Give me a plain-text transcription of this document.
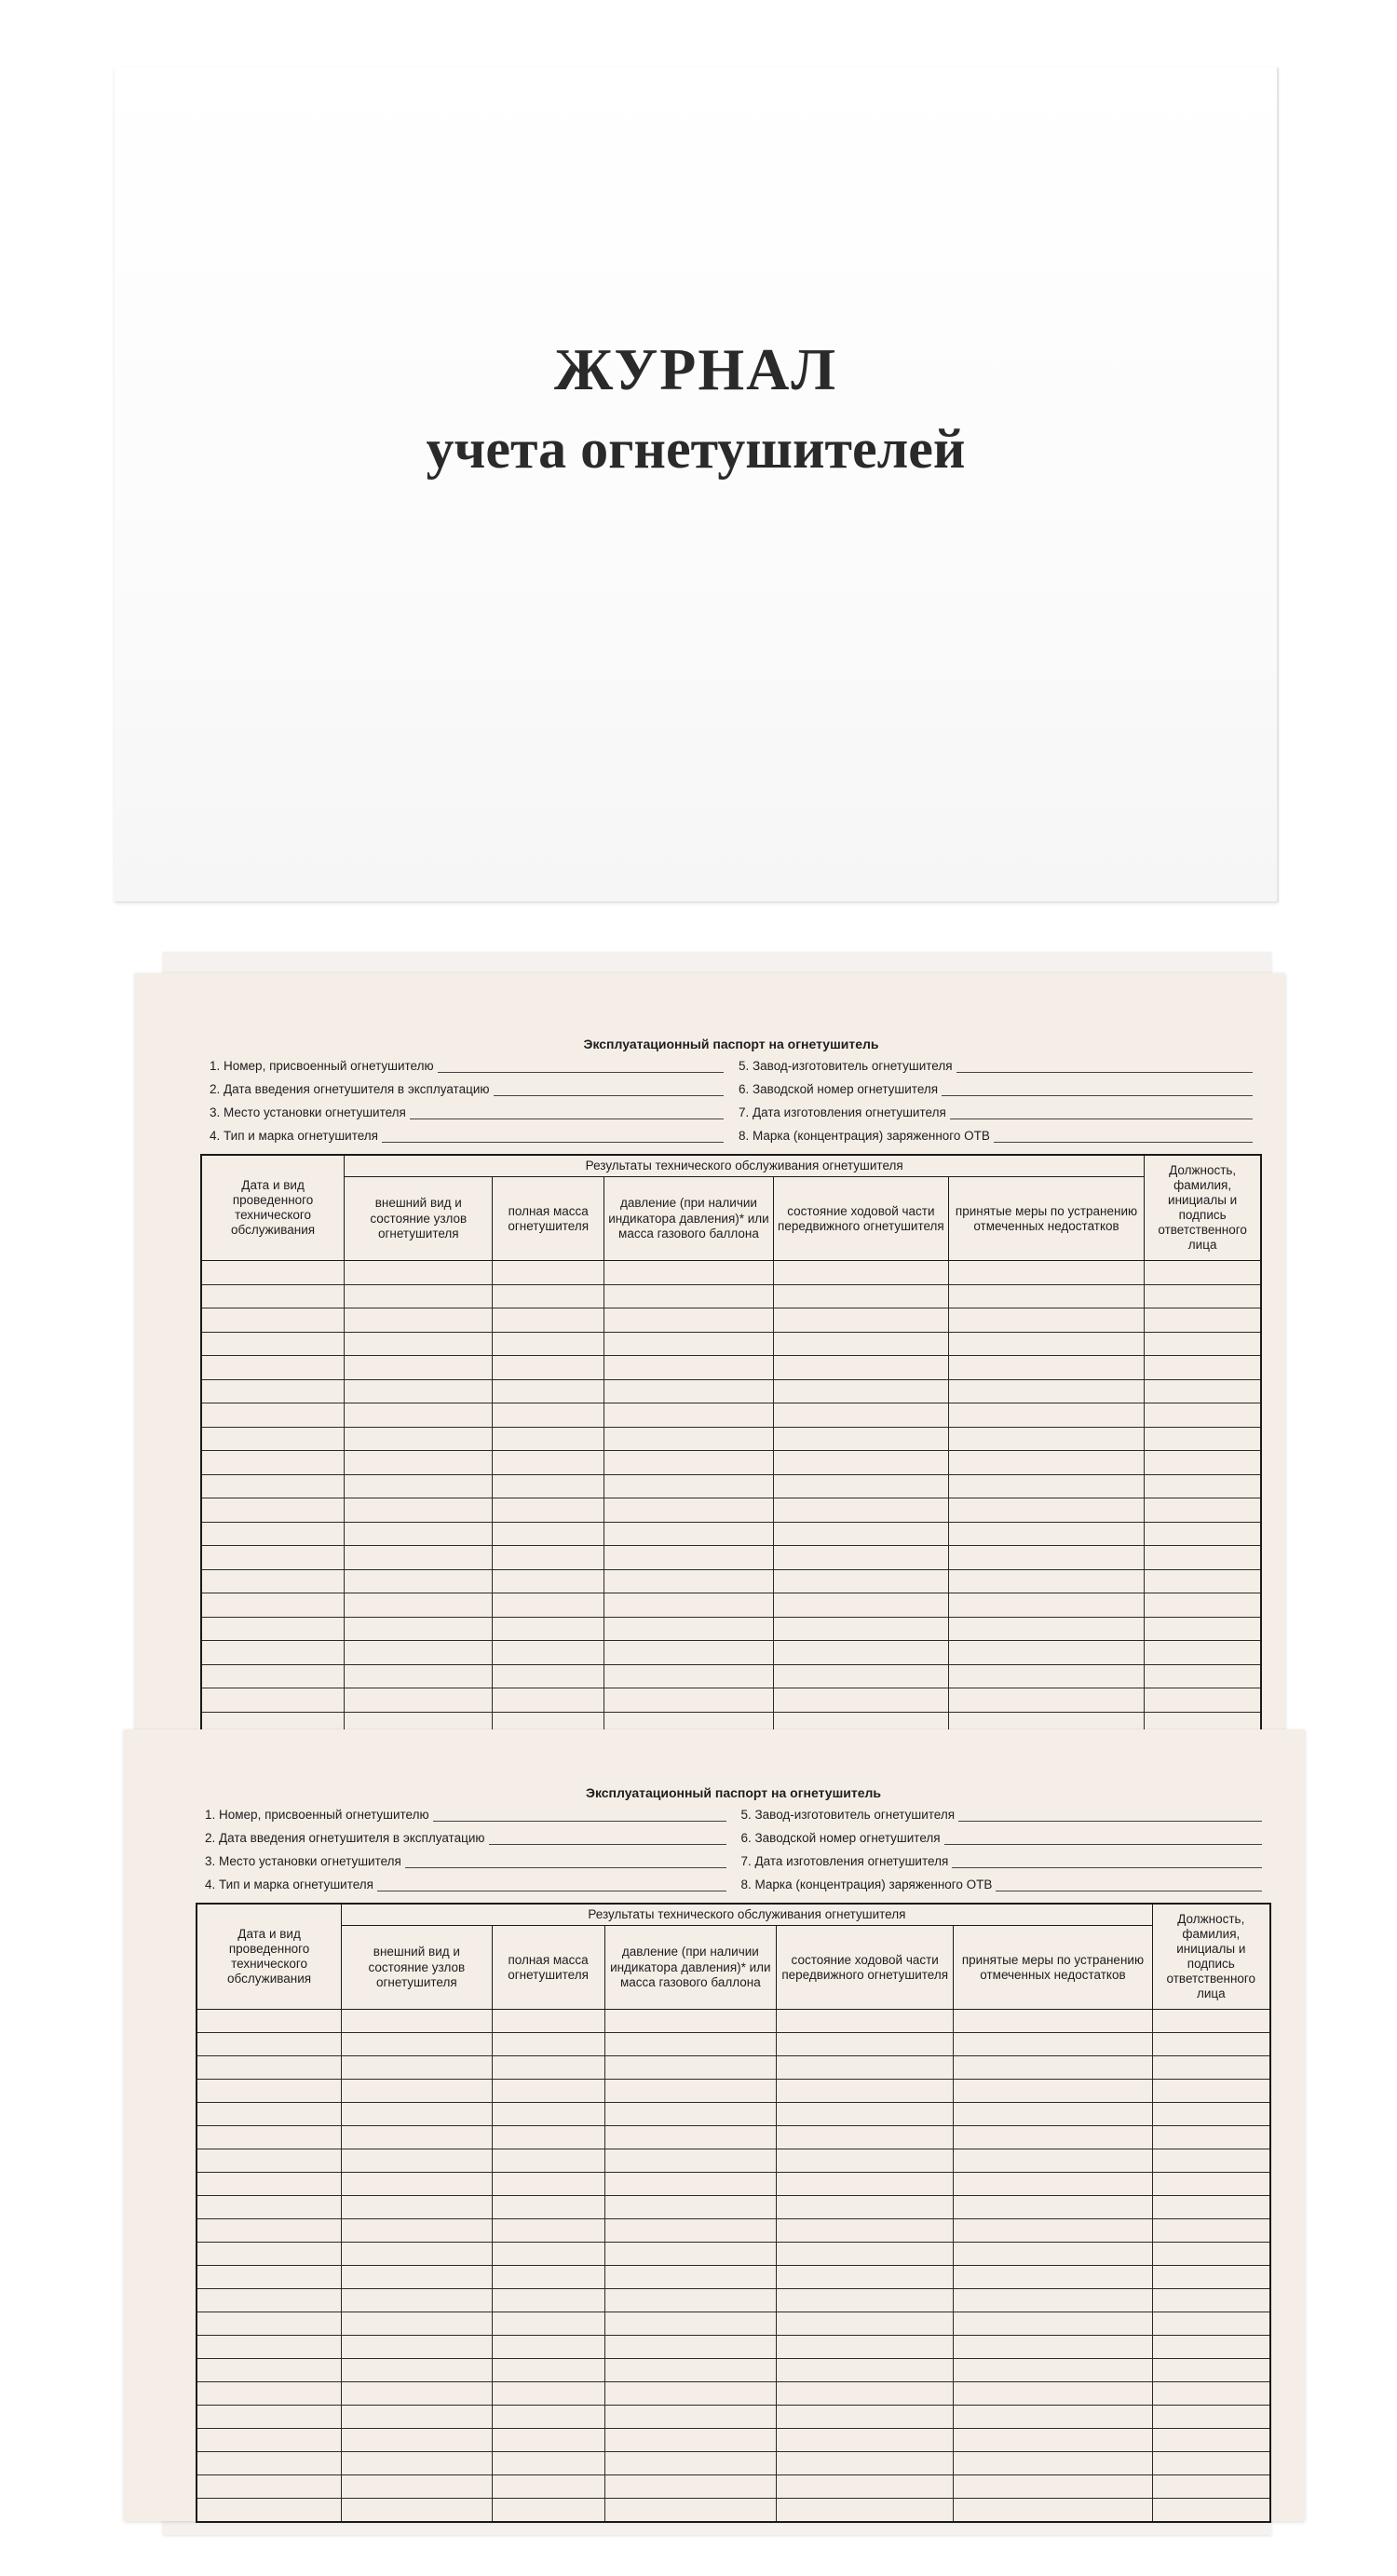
ЖУРНАЛ
учета огнетушителей
Эксплуатационный паспорт на огнетушитель
1. Номер, присвоенный огнетушителю	5. Завод-изготовитель огнетушителя
2. Дата введения огнетушителя в эксплуатацию	6. Заводской номер огнетушителя
3. Место установки огнетушителя	7. Дата изготовления огнетушителя
4. Тип и марка огнетушителя	8. Марка (концентрация) заряженного ОТВ
Дата и вид проведенного технического обслуживания	Результаты технического обслуживания огнетушителя					Должность, фамилия, инициалы и подпись ответственного лица
	внешний вид и состояние узлов огнетушителя	полная масса огнетушителя	давление (при наличии индикатора давления)* или масса газового баллона	состояние ходовой части передвижного огнетушителя	принятые меры по устранению отмеченных недостатков	

Эксплуатационный паспорт на огнетушитель
1. Номер, присвоенный огнетушителю	5. Завод-изготовитель огнетушителя
2. Дата введения огнетушителя в эксплуатацию	6. Заводской номер огнетушителя
3. Место установки огнетушителя	7. Дата изготовления огнетушителя
4. Тип и марка огнетушителя	8. Марка (концентрация) заряженного ОТВ
Дата и вид проведенного технического обслуживания	Результаты технического обслуживания огнетушителя					Должность, фамилия, инициалы и подпись ответственного лица
	внешний вид и состояние узлов огнетушителя	полная масса огнетушителя	давление (при наличии индикатора давления)* или масса газового баллона	состояние ходовой части передвижного огнетушителя	принятые меры по устранению отмеченных недостатков	
